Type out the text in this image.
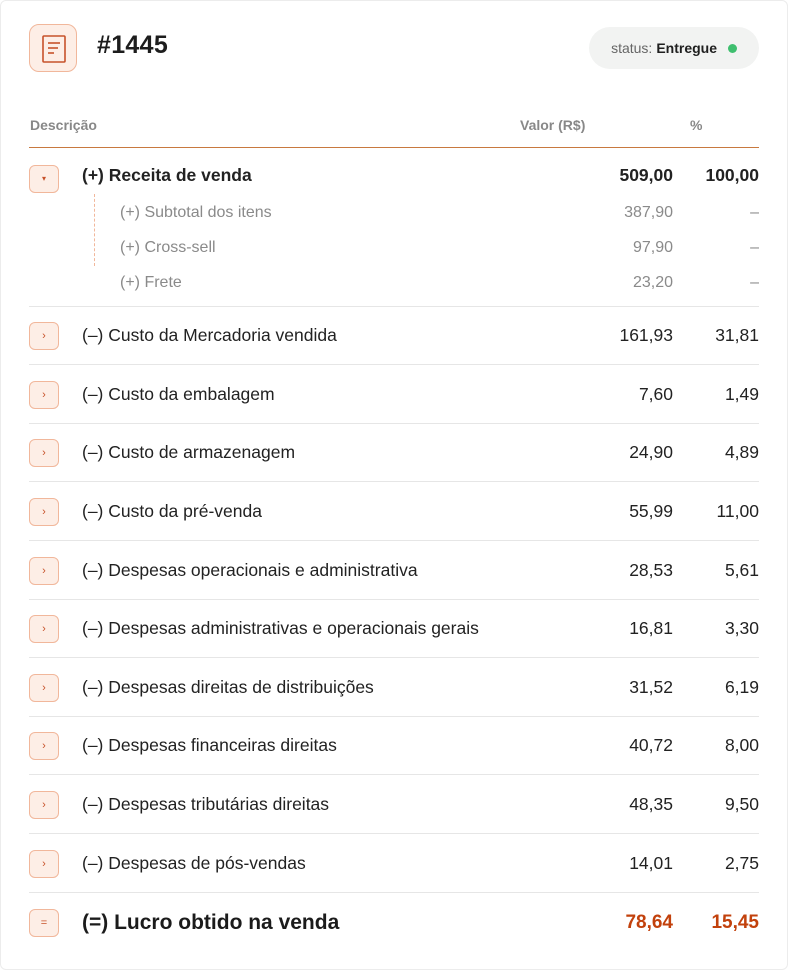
#1445	status: Entregue
Descrição	Valor (R$)	%
▾	(+) Receita de venda	509,00 100,00
(+) Subtotal dos itens	387,90	–
(+) Cross-sell	97,90	–
(+) Frete	23,20	–
›	(–) Custo da Mercadoria vendida	161,93 31,81
›	(–) Custo da embalagem	7,60	1,49
›	(–) Custo de armazenagem	24,90	4,89
›	(–) Custo da pré-venda	55,99 11,00
›	(–) Despesas operacionais e administrativa	28,53	5,61
›	(–) Despesas administrativas e operacionais gerais	16,81	3,30
›	(–) Despesas direitas de distribuições	31,52	6,19
›	(–) Despesas financeiras direitas	40,72	8,00
›	(–) Despesas tributárias direitas	48,35	9,50
›	(–) Despesas de pós-vendas	14,01	2,75
=	(=) Lucro obtido na venda	78,64 15,45
